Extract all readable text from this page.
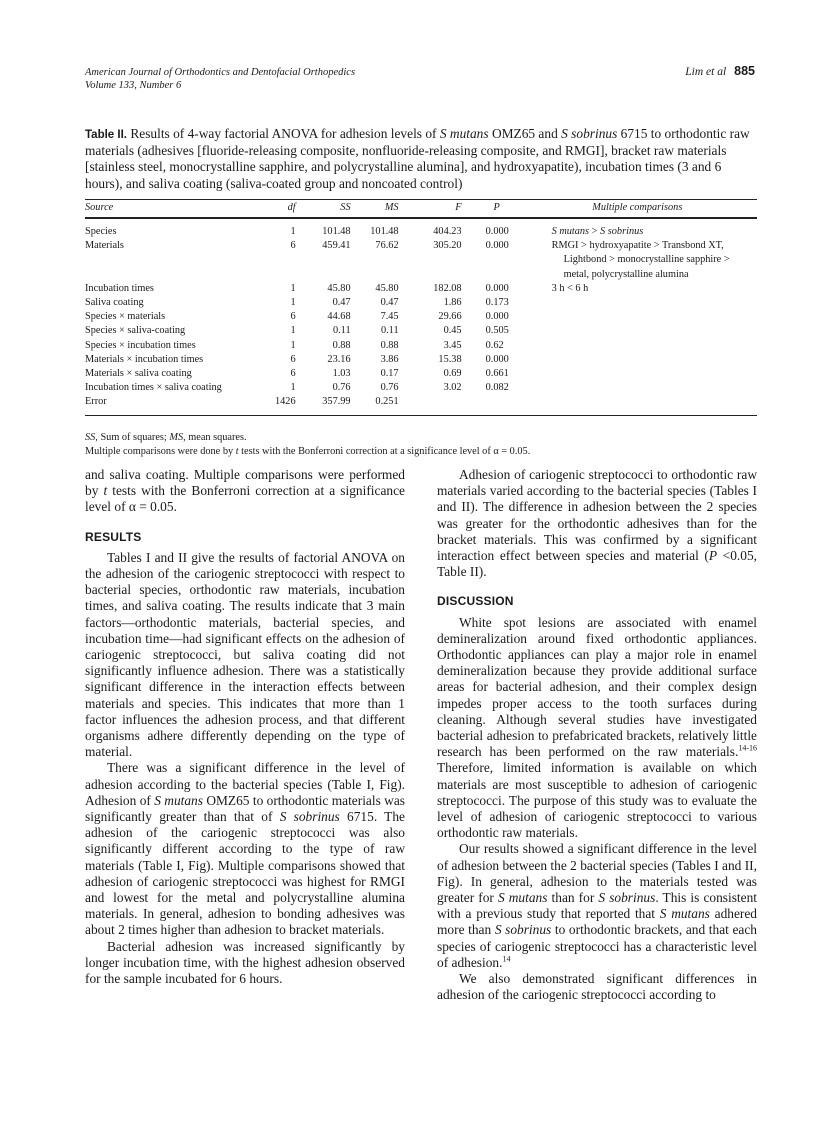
American Journal of Orthodontics and Dentofacial Orthopedics
Volume 133, Number 6
Lim et al 885
Table II. Results of 4-way factorial ANOVA for adhesion levels of S mutans OMZ65 and S sobrinus 6715 to orthodontic raw materials (adhesives [fluoride-releasing composite, nonfluoride-releasing composite, and RMGI], bracket raw materials [stainless steel, monocrystalline sapphire, and polycrystalline alumina], and hydroxyapatite), incubation times (3 and 6 hours), and saliva coating (saliva-coated group and noncoated control)
Source	df	SS	MS	F	P	Multiple comparisons
Species	1	101.48	101.48	404.23	0.000	S mutans > S sobrinus

Materials	6	459.41	76.62	305.20	0.000	RMGI > hydroxyapatite > Transbond XT,
Lightbond > monocrystalline sapphire >
metal, polycrystalline alumina

Incubation times	1	45.80	45.80	182.08	0.000	3 h < 6 h

Saliva coating	1	0.47	0.47	1.86	0.173	
Species × materials	6	44.68	7.45	29.66	0.000	
Species × saliva-coating	1	0.11	0.11	0.45	0.505	
Species × incubation times	1	0.88	0.88	3.45	0.62	
Materials × incubation times	6	23.16	3.86	15.38	0.000	
Materials × saliva coating	6	1.03	0.17	0.69	0.661	
Incubation times × saliva coating	1	0.76	0.76	3.02	0.082	
Error	1426	357.99	0.251			
SS, Sum of squares; MS, mean squares.
Multiple comparisons were done by t tests with the Bonferroni correction at a significance level of α = 0.05.

and saliva coating. Multiple comparisons were performed by t tests with the Bonferroni correction at a significance level of α = 0.05.

RESULTS

Tables I and II give the results of factorial ANOVA on the adhesion of the cariogenic streptococci with respect to bacterial species, orthodontic raw materials, incubation times, and saliva coating. The results indicate that 3 main factors—orthodontic materials, bacterial species, and incubation time—had significant effects on the adhesion of cariogenic streptococci, but saliva coating did not significantly influence adhesion. There was a statistically significant difference in the interaction effects between materials and species. This indicates that more than 1 factor influences the adhesion process, and that different organisms adhere differently depending on the type of material.

There was a significant difference in the level of adhesion according to the bacterial species (Table I, Fig). Adhesion of S mutans OMZ65 to orthodontic materials was significantly greater than that of S sobrinus 6715. The adhesion of the cariogenic streptococci was also significantly different according to the type of raw materials (Table I, Fig). Multiple comparisons showed that adhesion of cariogenic streptococci was highest for RMGI and lowest for the metal and polycrystalline alumina materials. In general, adhesion to bonding adhesives was about 2 times higher than adhesion to bracket materials.

Bacterial adhesion was increased significantly by longer incubation time, with the highest adhesion observed for the sample incubated for 6 hours.

Adhesion of cariogenic streptococci to orthodontic raw materials varied according to the bacterial species (Tables I and II). The difference in adhesion between the 2 species was greater for the orthodontic adhesives than for the bracket materials. This was confirmed by a significant interaction effect between species and material (P <0.05, Table II).

DISCUSSION

White spot lesions are associated with enamel demineralization around fixed orthodontic appliances. Orthodontic appliances can play a major role in enamel demineralization because they provide additional surface areas for bacterial adhesion, and their complex design impedes proper access to the tooth surfaces during cleaning. Although several studies have investigated bacterial adhesion to prefabricated brackets, relatively little research has been performed on the raw materials.$^{14-16}$ Therefore, limited information is available on which materials are most susceptible to adhesion of cariogenic streptococci. The purpose of this study was to evaluate the level of adhesion of cariogenic streptococci to various orthodontic raw materials.

Our results showed a significant difference in the level of adhesion between the 2 bacterial species (Tables I and II, Fig). In general, adhesion to the materials tested was greater for S mutans than for S sobrinus. This is consistent with a previous study that reported that S mutans adhered more than S sobrinus to orthodontic brackets, and that each species of cariogenic streptococci has a characteristic level of adhesion.$^{14}$

We also demonstrated significant differences in adhesion of the cariogenic streptococci according to
